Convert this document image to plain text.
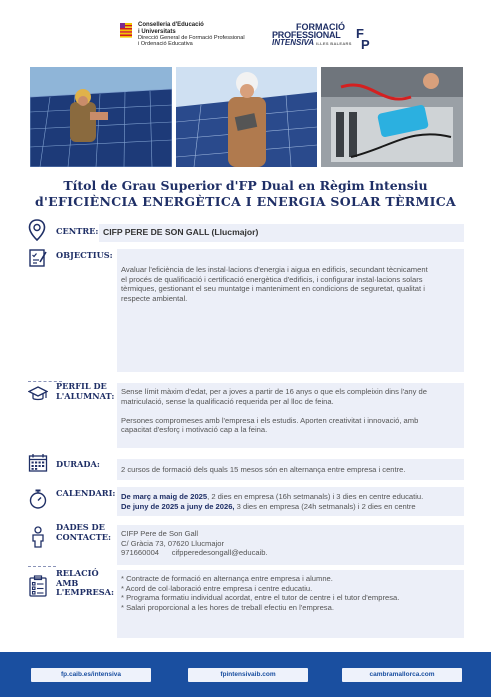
Conselleria d'Educació
i Universitats
Direcció General de Formació Professional
i Ordenació Educativa
FORMACIÓ
PROFESSIONAL
INTENSIVA ILLES BALEARS
F
P
Títol de Grau Superior d'FP Dual en Règim Intensiu
d'EFICIÈNCIA ENERGÈTICA I ENERGIA SOLAR TÈRMICA
CENTRE: CIFP PERE DE SON GALL (Llucmajor)
OBJECTIUS:
Avaluar l'eficiència de les instal·lacions d'energia i aigua en edificis, secundant tècnicament
el procés de qualificació i certificació energètica d'edificis, i configurar instal·lacions solars
tèrmiques, gestionant el seu muntatge i manteniment en condicions de seguretat, qualitat i
respecte ambiental.
PERFIL DE
L'ALUMNAT: Sense límit màxim d'edat, per a joves a partir de 16 anys o que els compleixin dins l'any de
matriculació, sense la qualificació requerida per al lloc de feina.
Persones compromeses amb l'empresa i els estudis. Aporten creativitat i innovació, amb
capacitat d'esforç i motivació cap a la feina.
DURADA:
2 cursos de formació dels quals 15 mesos són en alternança entre empresa i centre.
CALENDARI: De març a maig de 2025, 2 dies en empresa (16h setmanals) i 3 dies en centre educatiu.
De juny de 2025 a juny de 2026, 3 dies en empresa (24h setmanals) i 2 dies en centre
DADES DE
CONTACTE: CIFP Pere de Son Gall
C/ Gràcia 73, 07620 Llucmajor
971660004 cifpperedesongall@educaib.
RELACIÓ
AMB
L'EMPRESA:
* Contracte de formació en alternança entre empresa i alumne.
* Acord de col·laboració entre empresa i centre educatiu.
* Programa formatiu individual acordat, entre el tutor de centre i el tutor d'empresa.
* Salari proporcional a les hores de treball efectiu en l'empresa.
fp.caib.es/intensiva	fpintensivaib.com	cambramallorca.com
